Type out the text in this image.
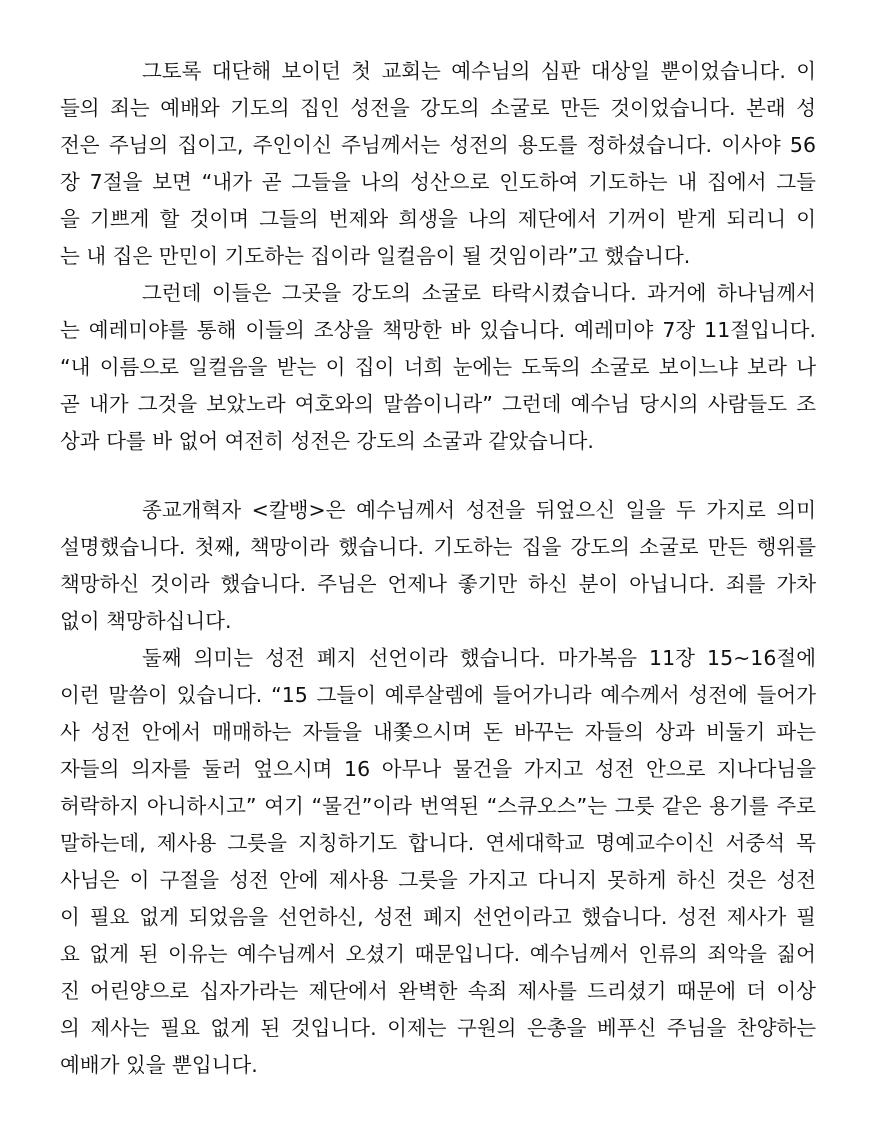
그토록 대단해 보이던 첫 교회는 예수님의 심판 대상일 뿐이었습니다. 이
들의 죄는 예배와 기도의 집인 성전을 강도의 소굴로 만든 것이었습니다. 본래 성
전은 주님의 집이고, 주인이신 주님께서는 성전의 용도를 정하셨습니다. 이사야 56
장 7절을 보면 “내가 곧 그들을 나의 성산으로 인도하여 기도하는 내 집에서 그들
을 기쁘게 할 것이며 그들의 번제와 희생을 나의 제단에서 기꺼이 받게 되리니 이
는 내 집은 만민이 기도하는 집이라 일컬음이 될 것임이라”고 했습니다.
그런데 이들은 그곳을 강도의 소굴로 타락시켰습니다. 과거에 하나님께서
는 예레미야를 통해 이들의 조상을 책망한 바 있습니다. 예레미야 7장 11절입니다.
“내 이름으로 일컬음을 받는 이 집이 너희 눈에는 도둑의 소굴로 보이느냐 보라 나
곧 내가 그것을 보았노라 여호와의 말씀이니라” 그런데 예수님 당시의 사람들도 조
상과 다를 바 없어 여전히 성전은 강도의 소굴과 같았습니다.
종교개혁자 <칼뱅>은 예수님께서 성전을 뒤엎으신 일을 두 가지로 의미
설명했습니다. 첫째, 책망이라 했습니다. 기도하는 집을 강도의 소굴로 만든 행위를
책망하신 것이라 했습니다. 주님은 언제나 좋기만 하신 분이 아닙니다. 죄를 가차
없이 책망하십니다.
둘째 의미는 성전 폐지 선언이라 했습니다. 마가복음 11장 15~16절에
이런 말씀이 있습니다. “15 그들이 예루살렘에 들어가니라 예수께서 성전에 들어가
사 성전 안에서 매매하는 자들을 내쫓으시며 돈 바꾸는 자들의 상과 비둘기 파는
자들의 의자를 둘러 엎으시며 16 아무나 물건을 가지고 성전 안으로 지나다님을
허락하지 아니하시고” 여기 “물건”이라 번역된 “스큐오스”는 그릇 같은 용기를 주로
말하는데, 제사용 그릇을 지칭하기도 합니다. 연세대학교 명예교수이신 서중석 목
사님은 이 구절을 성전 안에 제사용 그릇을 가지고 다니지 못하게 하신 것은 성전
이 필요 없게 되었음을 선언하신, 성전 폐지 선언이라고 했습니다. 성전 제사가 필
요 없게 된 이유는 예수님께서 오셨기 때문입니다. 예수님께서 인류의 죄악을 짊어
진 어린양으로 십자가라는 제단에서 완벽한 속죄 제사를 드리셨기 때문에 더 이상
의 제사는 필요 없게 된 것입니다. 이제는 구원의 은총을 베푸신 주님을 찬양하는
예배가 있을 뿐입니다.
